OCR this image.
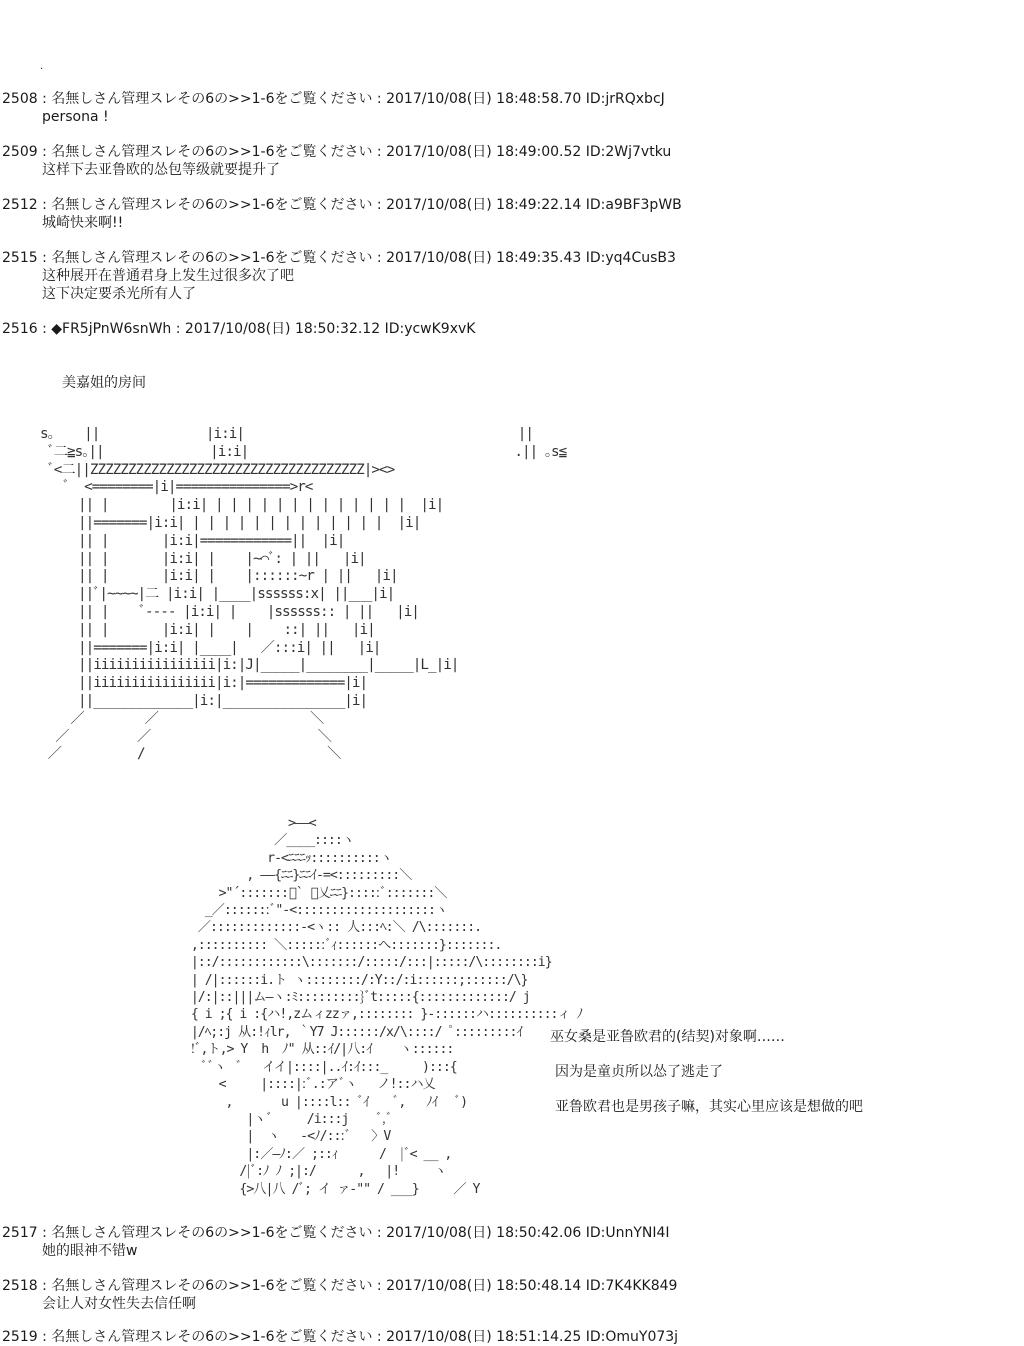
.
2508 : 名無しさん管理スレその6の>>1-6をご覧ください : 2017/10/08(日) 18:48:58.70 ID:jrRQxbcJ
persona !
2509 : 名無しさん管理スレその6の>>1-6をご覧ください : 2017/10/08(日) 18:49:00.52 ID:2Wj7vtku
这样下去亚鲁欧的怂包等级就要提升了
2512 : 名無しさん管理スレその6の>>1-6をご覧ください : 2017/10/08(日) 18:49:22.14 ID:a9BF3pWB
城崎快来啊!!
2515 : 名無しさん管理スレその6の>>1-6をご覧ください : 2017/10/08(日) 18:49:35.43 ID:yq4CusB3
这种展开在普通君身上发生过很多次了吧
这下决定要杀光所有人了
2516 : ◆FR5jPnW6snWh : 2017/10/08(日) 18:50:32.12 ID:ycwK9xvK
美嘉姐的房间
s｡    ||              |i:i|                                    ||
ﾞ二≧s｡||              |i:i|                                   .|| ｡s≦
ﾞ<二||ZZZZZZZZZZZZZZZZZZZZZZZZZZZZZZZZZZZZ|><>
ﾞ  <========|i|===============>r<
|| |        |i:i| | | | | | | | | | | | | |  |i|
||=======|i:i| | | | | | | | | | | | | |  |i|
|| |       |i:i|============||  |i|
|| |       |i:i| |    |~⌒ﾞ: | ||   |i|
|| |       |i:i| |    |::::::~r | ||   |i|
||ﾞ|~~~~|二 |i:i| |____|ssssss:x| ||___|i|
|| |    ﾞ---- |i:i| |    |ssssss:: | ||   |i|
|| |       |i:i| |    |    ::| ||   |i|
||=======|i:i| |____|   ／:::i| ||   |i|
||iiiiiiiiiiiiiiii|i:|J|_____|________|_____|L_|i|
||iiiiiiiiiiiiiiii|i:|=============|i|
||_____________|i:|________________|i|
／        ／                    ＼
／         ／                      ＼
／          /                        ＼
>――<
／____::::ヽ
r-<ﾆﾆﾆｯ::::::::::ヽ
, ――{ﾆﾆ}ﾆﾆｲ-=<:::::::::＼
>"´:::::::ﾞ` ﾞ乂ﾆﾆ}:::::ﾞ:::::::＼
_／:::::::ﾞ"-<::::::::::::::::::::ヽ
／:::::::::::::-<ヽ:: 人:::ﾍ:＼ /\:::::::.
,:::::::::: ＼::::::ﾞｨ::::::へ:::::::}:::::::.
|::/::::::::::::\:::::::/:::::/:::|:::::/\::::::::i}
| /|::::::i.ト ヽ::::::::/:Y::/:i::::::;::::::/\}
|/:|::|||ム―ヽ:ﾐ:::::::::}ﾞt:::::{:::::::::::::/ j
{ i ;{ i :{ハ!,zムィzzァ,:::::::: }-::::::ハ::::::::::ィ ﾉ
|/ﾍ;:j 从:!ｨlr, ｀Y7 J::::::/x/\::::/ ﾟ:::::::::ｲ
!ﾞ,ト,> Y  h  ﾉ" 从::ｲ/|八:ｲ    ヽ::::::
ﾞﾞヽ  ﾞ   イイ|::::|..ｲ:ｲ:::_     ):::{
<     |::::|:ﾞ.:アﾞヽ   ノ!::ハ乂
,       u |::::l:: ﾞｲ    ﾞ,   ﾉｲ   ﾞ)
|ヽﾞ     /i:::j    ﾞ,ﾞ
|  ヽ   -<ﾉ/:::ﾞ   〉V
|:／―ﾉ:／ ;::ｨ      /  |ﾞ< __ ,
/|ﾞ:ﾉ ﾉ ;|:/      ,   |!     ヽ
{>八|八 /ﾞ; イ ァ-"" / ___}     ／ Y
巫女桑是亚鲁欧君的(结契)对象啊……
因为是童贞所以怂了逃走了
亚鲁欧君也是男孩子嘛，其实心里应该是想做的吧
2517 : 名無しさん管理スレその6の>>1-6をご覧ください : 2017/10/08(日) 18:50:42.06 ID:UnnYNI4I
她的眼神不错w
2518 : 名無しさん管理スレその6の>>1-6をご覧ください : 2017/10/08(日) 18:50:48.14 ID:7K4KK849
会让人对女性失去信任啊
2519 : 名無しさん管理スレその6の>>1-6をご覧ください : 2017/10/08(日) 18:51:14.25 ID:OmuY073j
